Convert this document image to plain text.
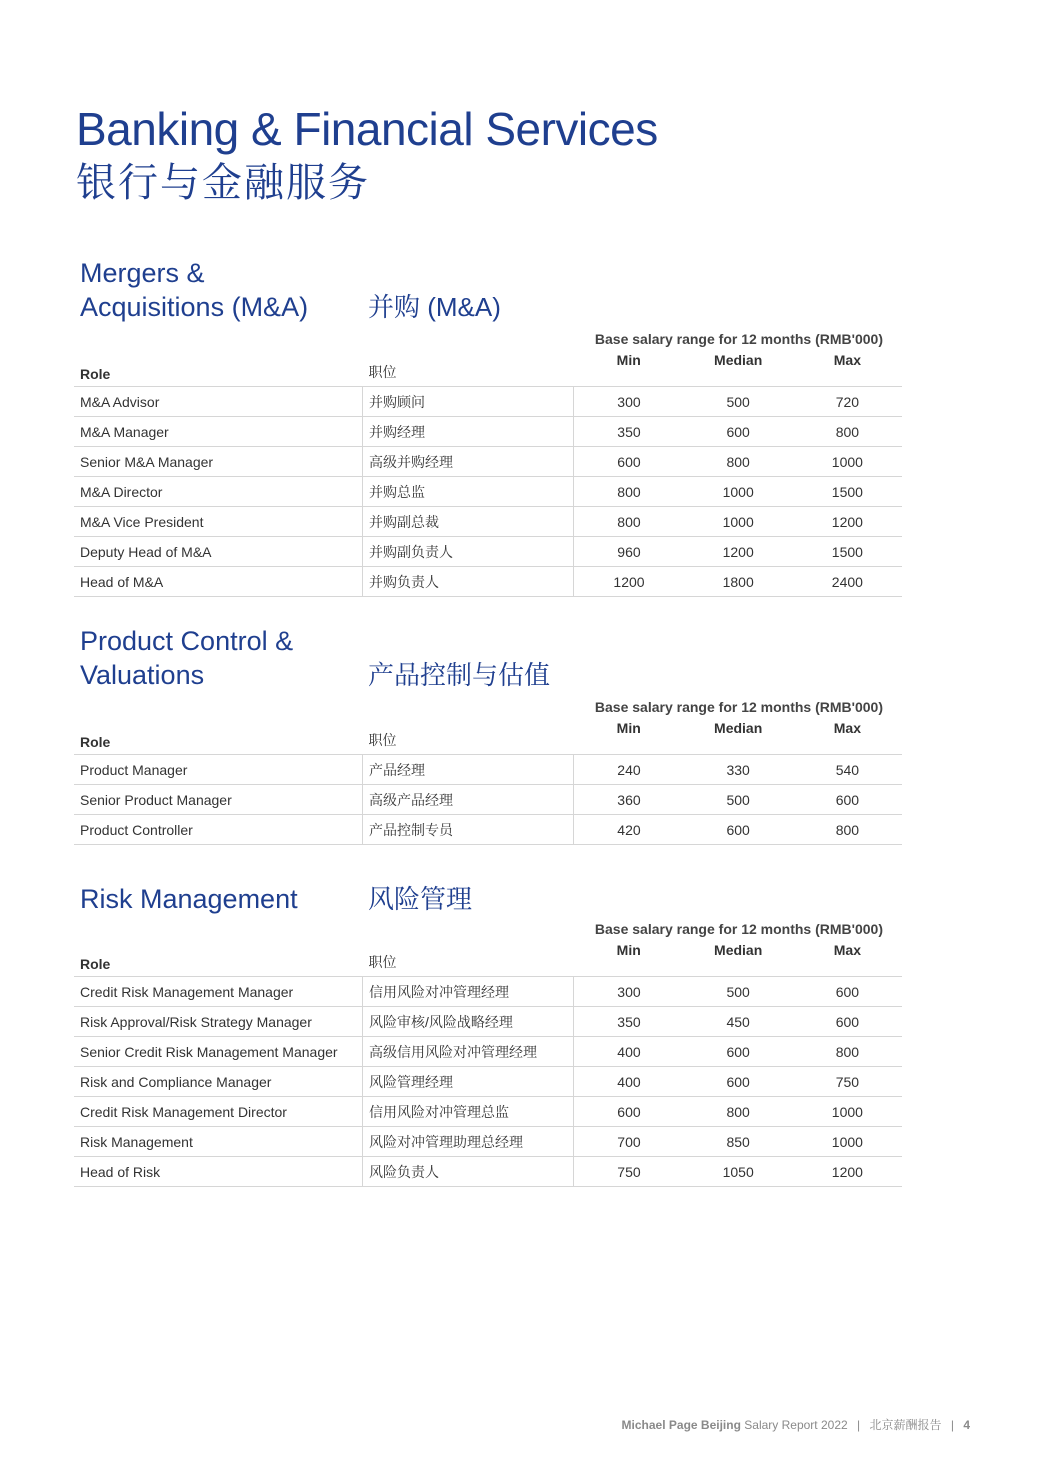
Banking & Financial Services
银行与金融服务
Mergers &
Acquisitions (M&A) 并购 (M&A)
Base salary range for 12 months (RMB'000)
Role	职位	Min	Median	Max
M&A Advisor	并购顾问	300	500	720
M&A Manager	并购经理	350	600	800
Senior M&A Manager	高级并购经理	600	800	1000
M&A Director	并购总监	800	1000	1500
M&A Vice President	并购副总裁	800	1000	1200
Deputy Head of M&A	并购副负责人	960	1200	1500
Head of M&A	并购负责人	1200	1800	2400
Product Control &
Valuations	产品控制与估值
Base salary range for 12 months (RMB'000)
Role	职位	Min	Median	Max
Product Manager	产品经理	240	330	540
Senior Product Manager	高级产品经理	360	500	600
Product Controller	产品控制专员	420	600	800
Risk Management	风险管理
Base salary range for 12 months (RMB'000)
Role	职位	Min	Median	Max
Credit Risk Management Manager	信用风险对冲管理经理	300	500	600
Risk Approval/Risk Strategy Manager	风险审核/风险战略经理	350	450	600
Senior Credit Risk Management Manager	高级信用风险对冲管理经理	400	600	800
Risk and Compliance Manager	风险管理经理	400	600	750
Credit Risk Management Director	信用风险对冲管理总监	600	800	1000
Risk Management	风险对冲管理助理总经理	700	850	1000
Head of Risk	风险负责人	750	1050	1200
Michael Page Beijing Salary Report 2022 | 北京薪酬报告 | 4
